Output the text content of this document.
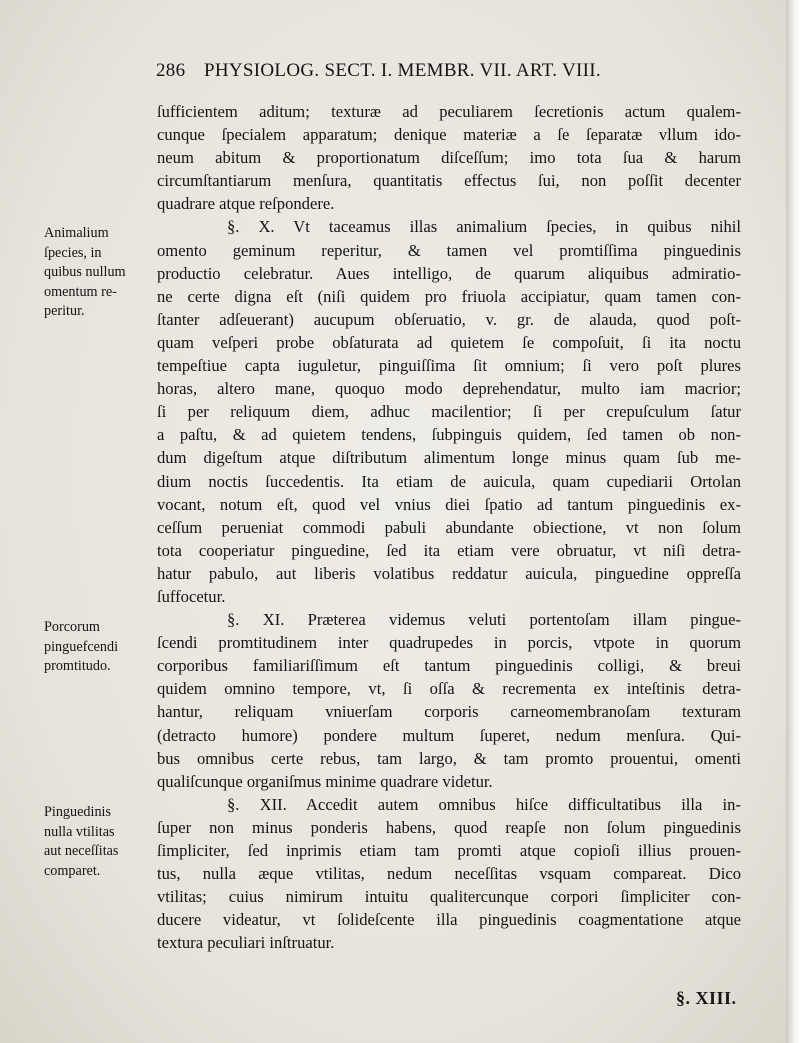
286 PHYSIOLOG. SECT. I. MEMBR. VII. ART. VIII.
Animalium
ſpecies, in
quibus nullum
omentum re-
peritur.
Porcorum
pinguefcendi
promtitudo.
Pinguedinis
nulla vtilitas
aut neceſſitas
comparet.
ſufficientem aditum; texturæ ad peculiarem ſecretionis actum qualem-
cunque ſpecialem apparatum; denique materiæ a ſe ſeparatæ vllum ido-
neum abitum & proportionatum diſceſſum; imo tota ſua & harum
circumſtantiarum menſura, quantitatis effectus ſui, non poſſit decenter
quadrare atque reſpondere.
§. X. Vt taceamus illas animalium ſpecies, in quibus nihil
omento geminum reperitur, & tamen vel promtiſſima pinguedinis
productio celebratur. Aues intelligo, de quarum aliquibus admiratio-
ne certe digna eſt (niſi quidem pro friuola accipiatur, quam tamen con-
ſtanter adſeuerant) aucupum obſeruatio, v. gr. de alauda, quod poſt-
quam veſperi probe obſaturata ad quietem ſe compoſuit, ſi ita noctu
tempeſtiue capta iuguletur, pinguiſſima ſit omnium; ſi vero poſt plures
horas, altero mane, quoquo modo deprehendatur, multo iam macrior;
ſi per reliquum diem, adhuc macilentior; ſi per crepuſculum ſatur
a paſtu, & ad quietem tendens, ſubpinguis quidem, ſed tamen ob non-
dum digeſtum atque diſtributum alimentum longe minus quam ſub me-
dium noctis ſuccedentis. Ita etiam de auicula, quam cupediarii Ortolan
vocant, notum eſt, quod vel vnius diei ſpatio ad tantum pinguedinis ex-
ceſſum perueniat commodi pabuli abundante obiectione, vt non ſolum
tota cooperiatur pinguedine, ſed ita etiam vere obruatur, vt niſi detra-
hatur pabulo, aut liberis volatibus reddatur auicula, pinguedine oppreſſa
ſuffocetur.
§. XI. Præterea videmus veluti portentoſam illam pingue-
ſcendi promtitudinem inter quadrupedes in porcis, vtpote in quorum
corporibus familiariſſimum eſt tantum pinguedinis colligi, & breui
quidem omnino tempore, vt, ſi oſſa & recrementa ex inteſtinis detra-
hantur, reliquam vniuerſam corporis carneomembranoſam texturam
(detracto humore) pondere multum ſuperet, nedum menſura. Qui-
bus omnibus certe rebus, tam largo, & tam promto prouentui, omenti
qualiſcunque organiſmus minime quadrare videtur.
§. XII. Accedit autem omnibus hiſce difficultatibus illa in-
ſuper non minus ponderis habens, quod reapſe non ſolum pinguedinis
ſimpliciter, ſed inprimis etiam tam promti atque copioſi illius prouen-
tus, nulla æque vtilitas, nedum neceſſitas vsquam compareat. Dico
vtilitas; cuius nimirum intuitu qualitercunque corpori ſimpliciter con-
ducere videatur, vt ſolideſcente illa pinguedinis coagmentatione atque
textura peculiari inſtruatur.
§. XIII.
